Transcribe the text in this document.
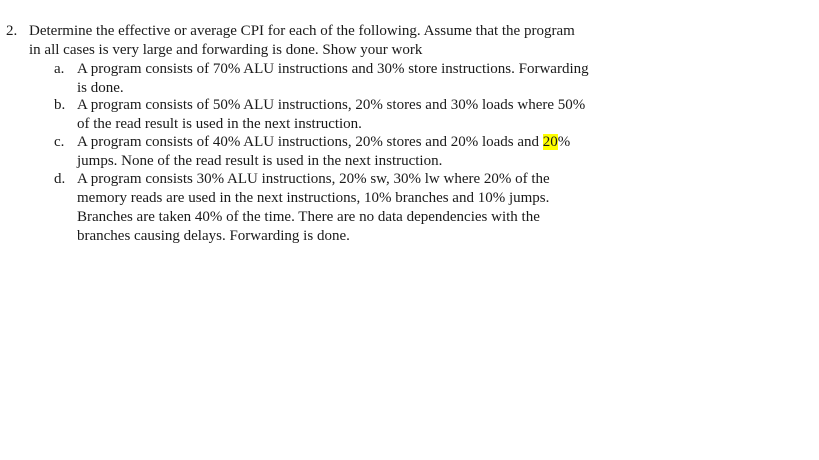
2. Determine the effective or average CPI for each of the following. Assume that the program
in all cases is very large and forwarding is done. Show your work
a. A program consists of 70% ALU instructions and 30% store instructions. Forwarding
is done.
b. A program consists of 50% ALU instructions, 20% stores and 30% loads where 50%
of the read result is used in the next instruction.
c. A program consists of 40% ALU instructions, 20% stores and 20% loads and 20%
jumps. None of the read result is used in the next instruction.
d. A program consists 30% ALU instructions, 20% sw, 30% lw where 20% of the
memory reads are used in the next instructions, 10% branches and 10% jumps.
Branches are taken 40% of the time. There are no data dependencies with the
branches causing delays. Forwarding is done.
